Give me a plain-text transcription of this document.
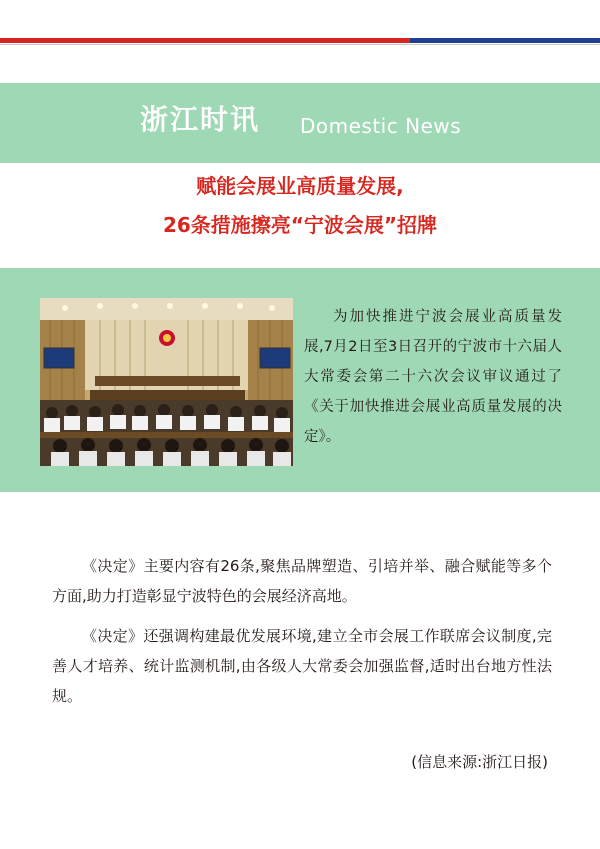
浙江时讯 Domestic News
赋能会展业高质量发展,
26条措施擦亮“宁波会展”招牌

为加快推进宁波会展业高质量发展,7月2日至3日召开的宁波市十六届人大常委会第二十六次会议审议通过了《关于加快推进会展业高质量发展的决定》。

《决定》主要内容有26条,聚焦品牌塑造、引培并举、融合赋能等多个方面,助力打造彰显宁波特色的会展经济高地。

《决定》还强调构建最优发展环境,建立全市会展工作联席会议制度,完善人才培养、统计监测机制,由各级人大常委会加强监督,适时出台地方性法规。

(信息来源:浙江日报)
